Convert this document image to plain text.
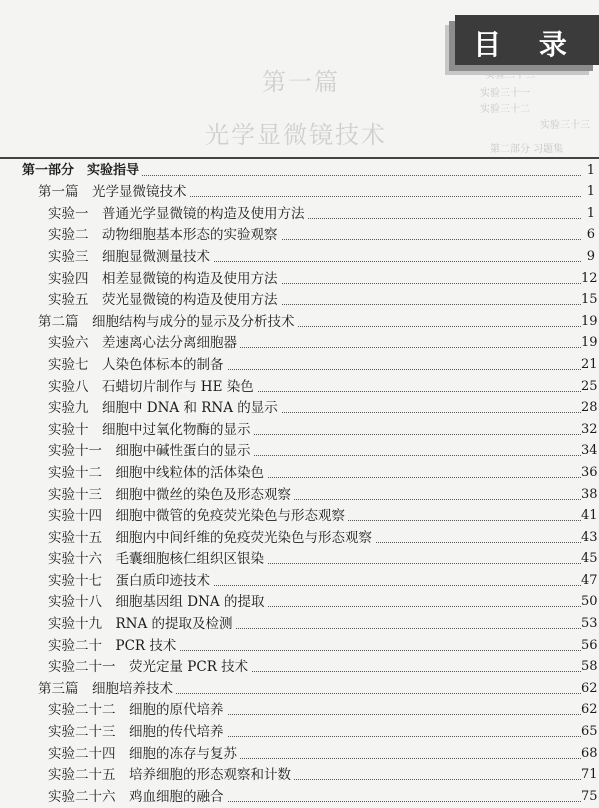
实验二十二
实验三十一
实验三十二
实验三十三
第一篇
光学显微镜技术
第二部分 习题集
目 录
第一部分　实验指导	1
第一篇　光学显微镜技术	1
实验一　普通光学显微镜的构造及使用方法	1
实验二　动物细胞基本形态的实验观察	6
实验三　细胞显微测量技术	9
实验四　相差显微镜的构造及使用方法	12
实验五　荧光显微镜的构造及使用方法	15
第二篇　细胞结构与成分的显示及分析技术	19
实验六　差速离心法分离细胞器	19
实验七　人染色体标本的制备	21
实验八　石蜡切片制作与 HE 染色	25
实验九　细胞中 DNA 和 RNA 的显示	28
实验十　细胞中过氧化物酶的显示	32
实验十一　细胞中碱性蛋白的显示	34
实验十二　细胞中线粒体的活体染色	36
实验十三　细胞中微丝的染色及形态观察	38
实验十四　细胞中微管的免疫荧光染色与形态观察	41
实验十五　细胞内中间纤维的免疫荧光染色与形态观察	43
实验十六　毛囊细胞核仁组织区银染	45
实验十七　蛋白质印迹技术	47
实验十八　细胞基因组 DNA 的提取	50
实验十九　RNA 的提取及检测	53
实验二十　PCR 技术	56
实验二十一　荧光定量 PCR 技术	58
第三篇　细胞培养技术	62
实验二十二　细胞的原代培养	62
实验二十三　细胞的传代培养	65
实验二十四　细胞的冻存与复苏	68
实验二十五　培养细胞的形态观察和计数	71
实验二十六　鸡血细胞的融合	75
